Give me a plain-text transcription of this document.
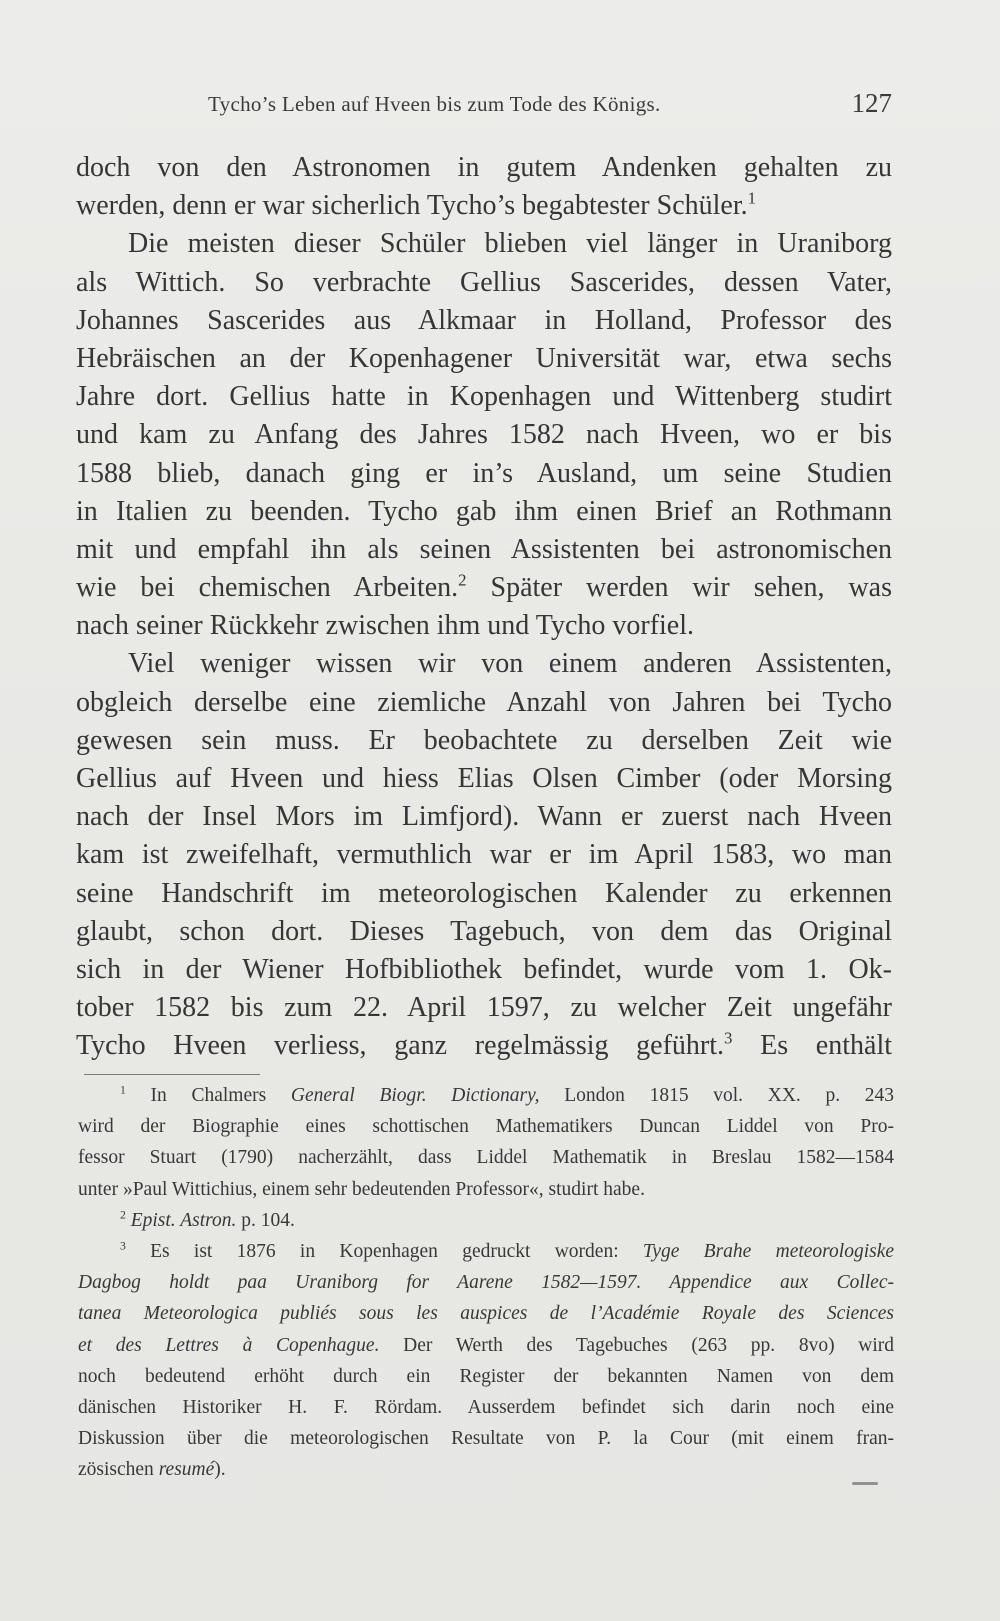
Tycho’s Leben auf Hveen bis zum Tode des Königs.	127
doch von den Astronomen in gutem Andenken gehalten zu
werden, denn er war sicherlich Tycho’s begabtester Schüler.$^1$
Die meisten dieser Schüler blieben viel länger in Uraniborg
als Wittich. So verbrachte Gellius Sascerides, dessen Vater,
Johannes Sascerides aus Alkmaar in Holland, Professor des
Hebräischen an der Kopenhagener Universität war, etwa sechs
Jahre dort. Gellius hatte in Kopenhagen und Wittenberg studirt
und kam zu Anfang des Jahres 1582 nach Hveen, wo er bis
1588 blieb, danach ging er in’s Ausland, um seine Studien
in Italien zu beenden. Tycho gab ihm einen Brief an Rothmann
mit und empfahl ihn als seinen Assistenten bei astronomischen
wie bei chemischen Arbeiten.$^2$ Später werden wir sehen, was
nach seiner Rückkehr zwischen ihm und Tycho vorfiel.
Viel weniger wissen wir von einem anderen Assistenten,
obgleich derselbe eine ziemliche Anzahl von Jahren bei Tycho
gewesen sein muss. Er beobachtete zu derselben Zeit wie
Gellius auf Hveen und hiess Elias Olsen Cimber (oder Morsing
nach der Insel Mors im Limfjord). Wann er zuerst nach Hveen
kam ist zweifelhaft, vermuthlich war er im April 1583, wo man
seine Handschrift im meteorologischen Kalender zu erkennen
glaubt, schon dort. Dieses Tagebuch, von dem das Original
sich in der Wiener Hofbibliothek befindet, wurde vom 1. Ok-
tober 1582 bis zum 22. April 1597, zu welcher Zeit ungefähr
Tycho Hveen verliess, ganz regelmässig geführt.$^3$ Es enthält
$^1$ In Chalmers General Biogr. Dictionary, London 1815 vol. XX. p. 243
wird der Biographie eines schottischen Mathematikers Duncan Liddel von Pro-
fessor Stuart (1790) nacherzählt, dass Liddel Mathematik in Breslau 1582—1584
unter »Paul Wittichius, einem sehr bedeutenden Professor«, studirt habe.
$^2$ Epist. Astron. p. 104.
$^3$ Es ist 1876 in Kopenhagen gedruckt worden: Tyge Brahe meteorologiske
Dagbog holdt paa Uraniborg for Aarene 1582—1597. Appendice aux Collec-
tanea Meteorologica publiés sous les auspices de l’Académie Royale des Sciences
et des Lettres à Copenhague. Der Werth des Tagebuches (263 pp. 8vo) wird
noch bedeutend erhöht durch ein Register der bekannten Namen von dem
dänischen Historiker H. F. Rördam. Ausserdem befindet sich darin noch eine
Diskussion über die meteorologischen Resultate von P. la Cour (mit einem fran-
zösischen resumé).
